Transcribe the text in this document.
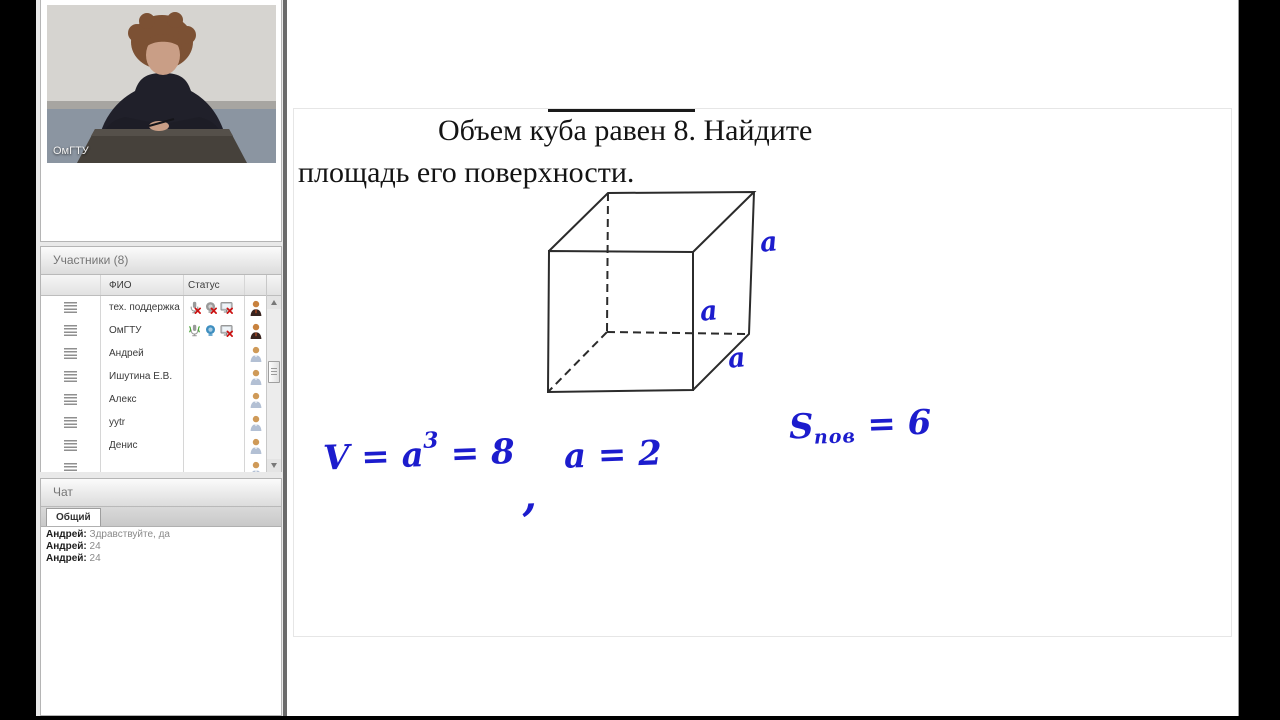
ОмГТУ
Участники (8)
ФИО	Статус
тех. поддержка
ОмГТУ
Андрей
Ишутина Е.В.
Алекс
yytr
Денис
Чат
Общий
Андрей: Здравствуйте, да
Андрей: 24
Андрей: 24
Объем куба равен 8. Найдите
площадь его поверхности.
a
a
a
$V = a^3 = 8$
,
a = 2
$S_{пов} = 6$
